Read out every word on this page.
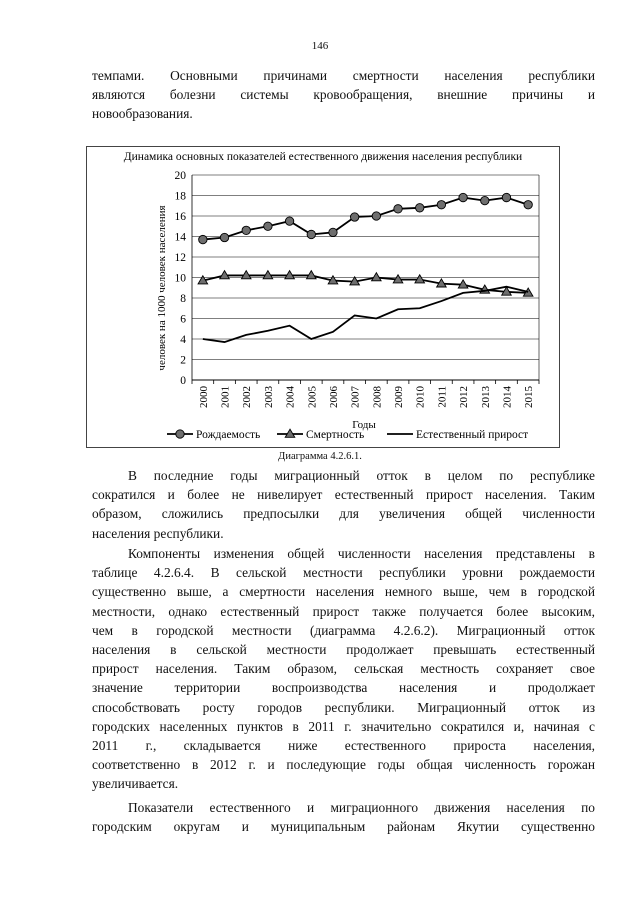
146
темпами. Основными причинами смертности населения республики
являются болезни системы кровообращения, внешние причины и
новообразования.
Динамика основных показателей естественного движения населения республики
человек на 1000 человек населения
Годы
0
2
4
6
8
10
12
14
16
18
20
2000 2001 2002 2003 2004 2005 2006 2007 2008 2009 2010 2011 2012 2013 2014 2015
Рождаемость	Смертность	Естественный прирост
Диаграмма 4.2.6.1.
В последние годы миграционный отток в целом по республике
сократился и более не нивелирует естественный прирост населения. Таким
образом, сложились предпосылки для увеличения общей численности
населения республики.
Компоненты изменения общей численности населения представлены в
таблице 4.2.6.4. В сельской местности республики уровни рождаемости
существенно выше, а смертности населения немного выше, чем в городской
местности, однако естественный прирост также получается более высоким,
чем в городской местности (диаграмма 4.2.6.2). Миграционный отток
населения в сельской местности продолжает превышать естественный
прирост населения. Таким образом, сельская местность сохраняет свое
значение территории воспроизводства населения и продолжает
способствовать росту городов республики. Миграционный отток из
городских населенных пунктов в 2011 г. значительно сократился и, начиная с
2011 г., складывается ниже естественного прироста населения,
соответственно в 2012 г. и последующие годы общая численность горожан
увеличивается.
Показатели естественного и миграционного движения населения по
городским округам и муниципальным районам Якутии существенно
